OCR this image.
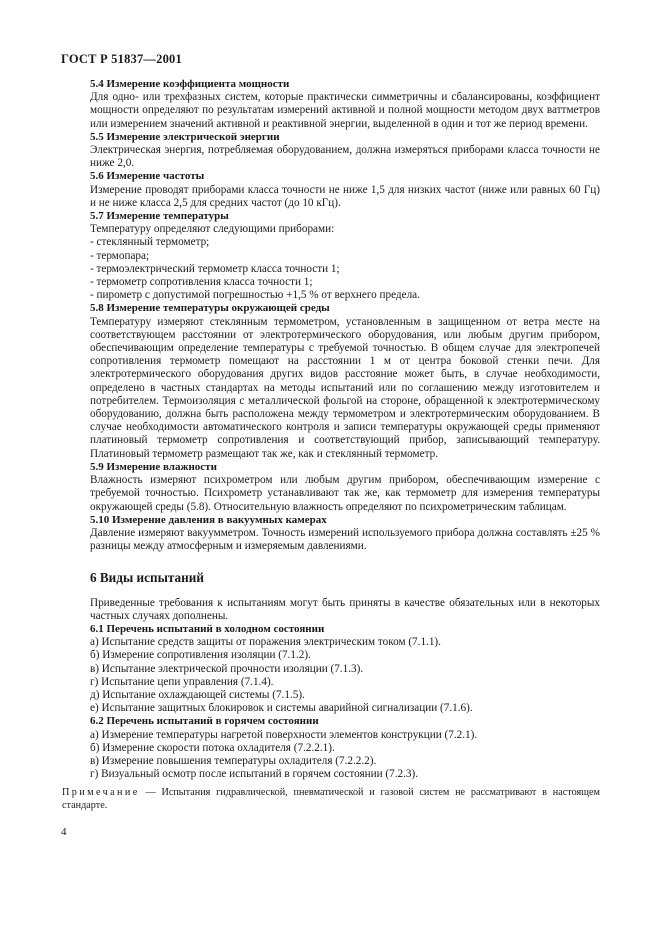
ГОСТ Р 51837—2001
5.4 Измерение коэффициента мощности
Для одно- или трехфазных систем, которые практически симметричны и сбалансированы, коэффициент мощности определяют по результатам измерений активной и полной мощности методом двух ваттметров или измерением значений активной и реактивной энергии, выделенной в один и тот же период времени.
5.5 Измерение электрической энергии
Электрическая энергия, потребляемая оборудованием, должна измеряться приборами класса точности не ниже 2,0.
5.6 Измерение частоты
Измерение проводят приборами класса точности не ниже 1,5 для низких частот (ниже или равных 60 Гц) и не ниже класса 2,5 для средних частот (до 10 кГц).
5.7 Измерение температуры
Температуру определяют следующими приборами:
- стеклянный термометр;
- термопара;
- термоэлектрический термометр класса точности 1;
- термометр сопротивления класса точности 1;
- пирометр с допустимой погрешностью +1,5 % от верхнего предела.
5.8 Измерение температуры окружающей среды
Температуру измеряют стеклянным термометром, установленным в защищенном от ветра месте на соответствующем расстоянии от электротермического оборудования, или любым другим прибором, обеспечивающим определение температуры с требуемой точностью. В общем случае для электропечей сопротивления термометр помещают на расстоянии 1 м от центра боковой стенки печи. Для электротермического оборудования других видов расстояние может быть, в случае необходимости, определено в частных стандартах на методы испытаний или по соглашению между изготовителем и потребителем. Термоизоляция с металлической фольгой на стороне, обращенной к электротермическому оборудованию, должна быть расположена между термометром и электротермическим оборудованием. В случае необходимости автоматического контроля и записи температуры окружающей среды применяют платиновый термометр сопротивления и соответствующий прибор, записывающий температуру. Платиновый термометр размещают так же, как и стеклянный термометр.
5.9 Измерение влажности
Влажность измеряют психрометром или любым другим прибором, обеспечивающим измерение с требуемой точностью. Психрометр устанавливают так же, как термометр для измерения температуры окружающей среды (5.8). Относительную влажность определяют по психрометрическим таблицам.
5.10 Измерение давления в вакуумных камерах
Давление измеряют вакуумметром. Точность измерений используемого прибора должна составлять ±25 % разницы между атмосферным и измеряемым давлениями.
6 Виды испытаний
Приведенные требования к испытаниям могут быть приняты в качестве обязательных или в некоторых частных случаях дополнены.
6.1 Перечень испытаний в холодном состоянии
а) Испытание средств защиты от поражения электрическим током (7.1.1).
б) Измерение сопротивления изоляции (7.1.2).
в) Испытание электрической прочности изоляции (7.1.3).
г) Испытание цепи управления (7.1.4).
д) Испытание охлаждающей системы (7.1.5).
е) Испытание защитных блокировок и системы аварийной сигнализации (7.1.6).
6.2 Перечень испытаний в горячем состоянии
а) Измерение температуры нагретой поверхности элементов конструкции (7.2.1).
б) Измерение скорости потока охладителя (7.2.2.1).
в) Измерение повышения температуры охладителя (7.2.2.2).
г) Визуальный осмотр после испытаний в горячем состоянии (7.2.3).
Примечание — Испытания гидравлической, пневматической и газовой систем не рассматривают в настоящем стандарте.
4
